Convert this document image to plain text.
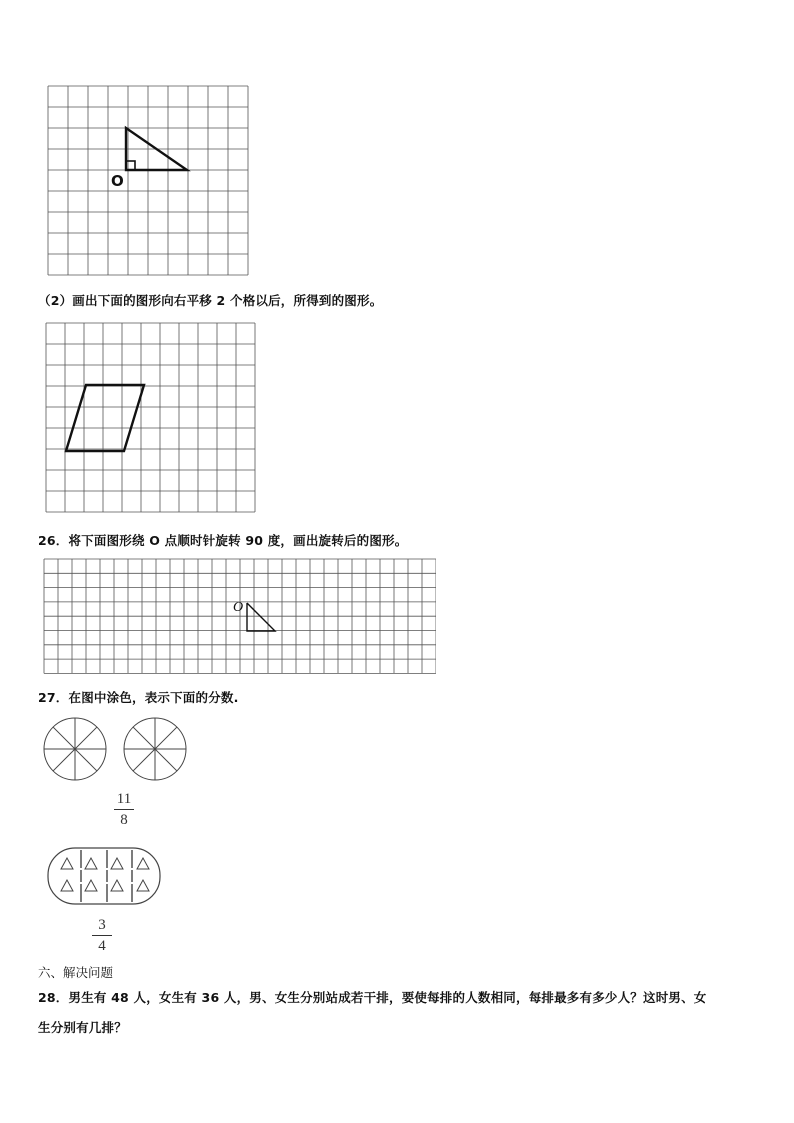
O
（2）画出下面的图形向右平移 2 个格以后，所得到的图形。
26．将下面图形绕 O 点顺时针旋转 90 度，画出旋转后的图形。
O
27．在图中涂色，表示下面的分数.
11
8
3
4
六、解决问题
28．男生有 48 人，女生有 36 人，男、女生分别站成若干排，要使每排的人数相同，每排最多有多少人？这时男、女
生分别有几排？
